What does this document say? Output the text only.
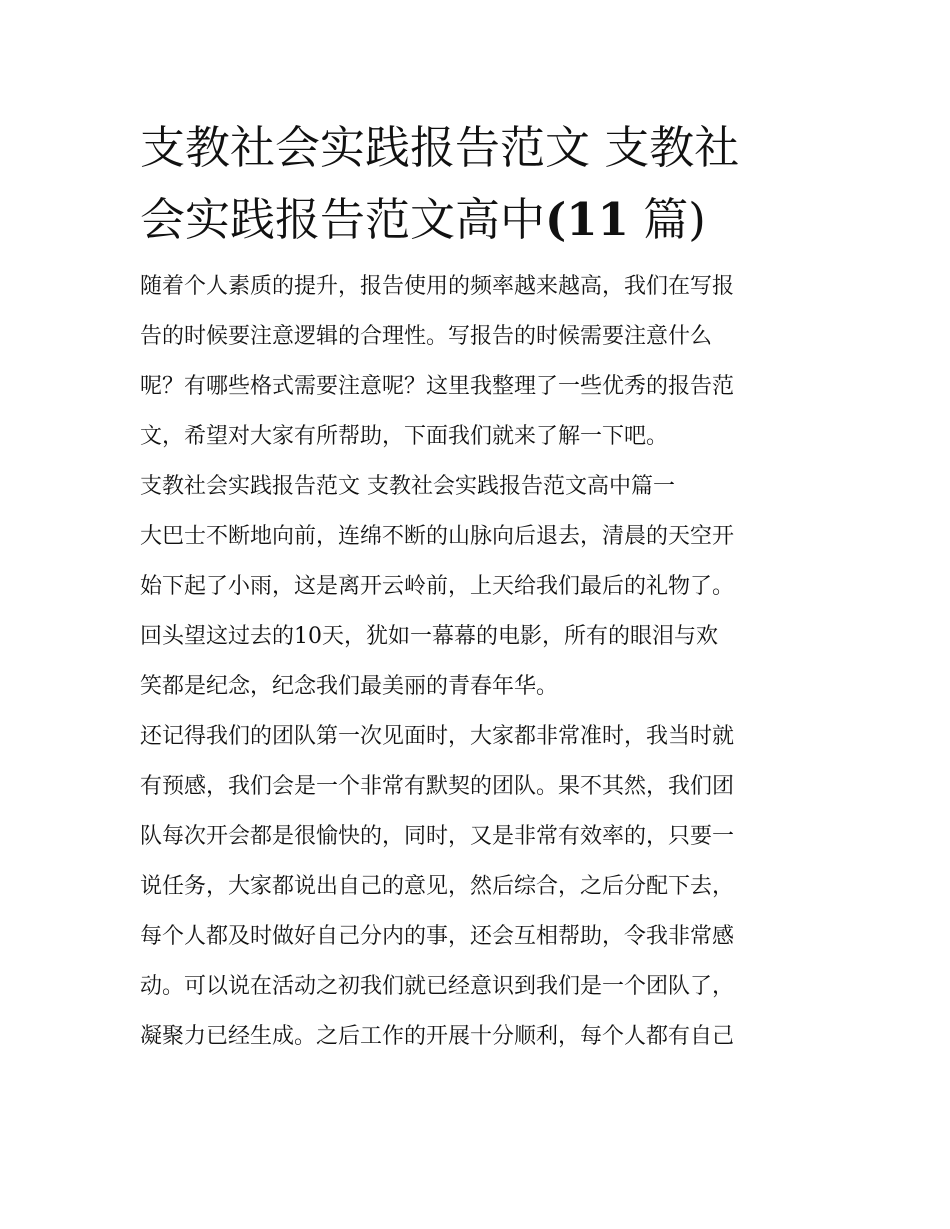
支教社会实践报告范文 支教社
会实践报告范文高中(11 篇)

随着个人素质的提升，报告使用的频率越来越高，我们在写报

告的时候要注意逻辑的合理性。写报告的时候需要注意什么

呢？有哪些格式需要注意呢？这里我整理了一些优秀的报告范

文，希望对大家有所帮助，下面我们就来了解一下吧。

支教社会实践报告范文 支教社会实践报告范文高中篇一

大巴士不断地向前，连绵不断的山脉向后退去，清晨的天空开

始下起了小雨，这是离开云岭前，上天给我们最后的礼物了。

回头望这过去的10天，犹如一幕幕的电影，所有的眼泪与欢

笑都是纪念，纪念我们最美丽的青春年华。

还记得我们的团队第一次见面时，大家都非常准时，我当时就

有预感，我们会是一个非常有默契的团队。果不其然，我们团

队每次开会都是很愉快的，同时，又是非常有效率的，只要一

说任务，大家都说出自己的意见，然后综合，之后分配下去，

每个人都及时做好自己分内的事，还会互相帮助，令我非常感

动。可以说在活动之初我们就已经意识到我们是一个团队了，

凝聚力已经生成。之后工作的开展十分顺利，每个人都有自己
